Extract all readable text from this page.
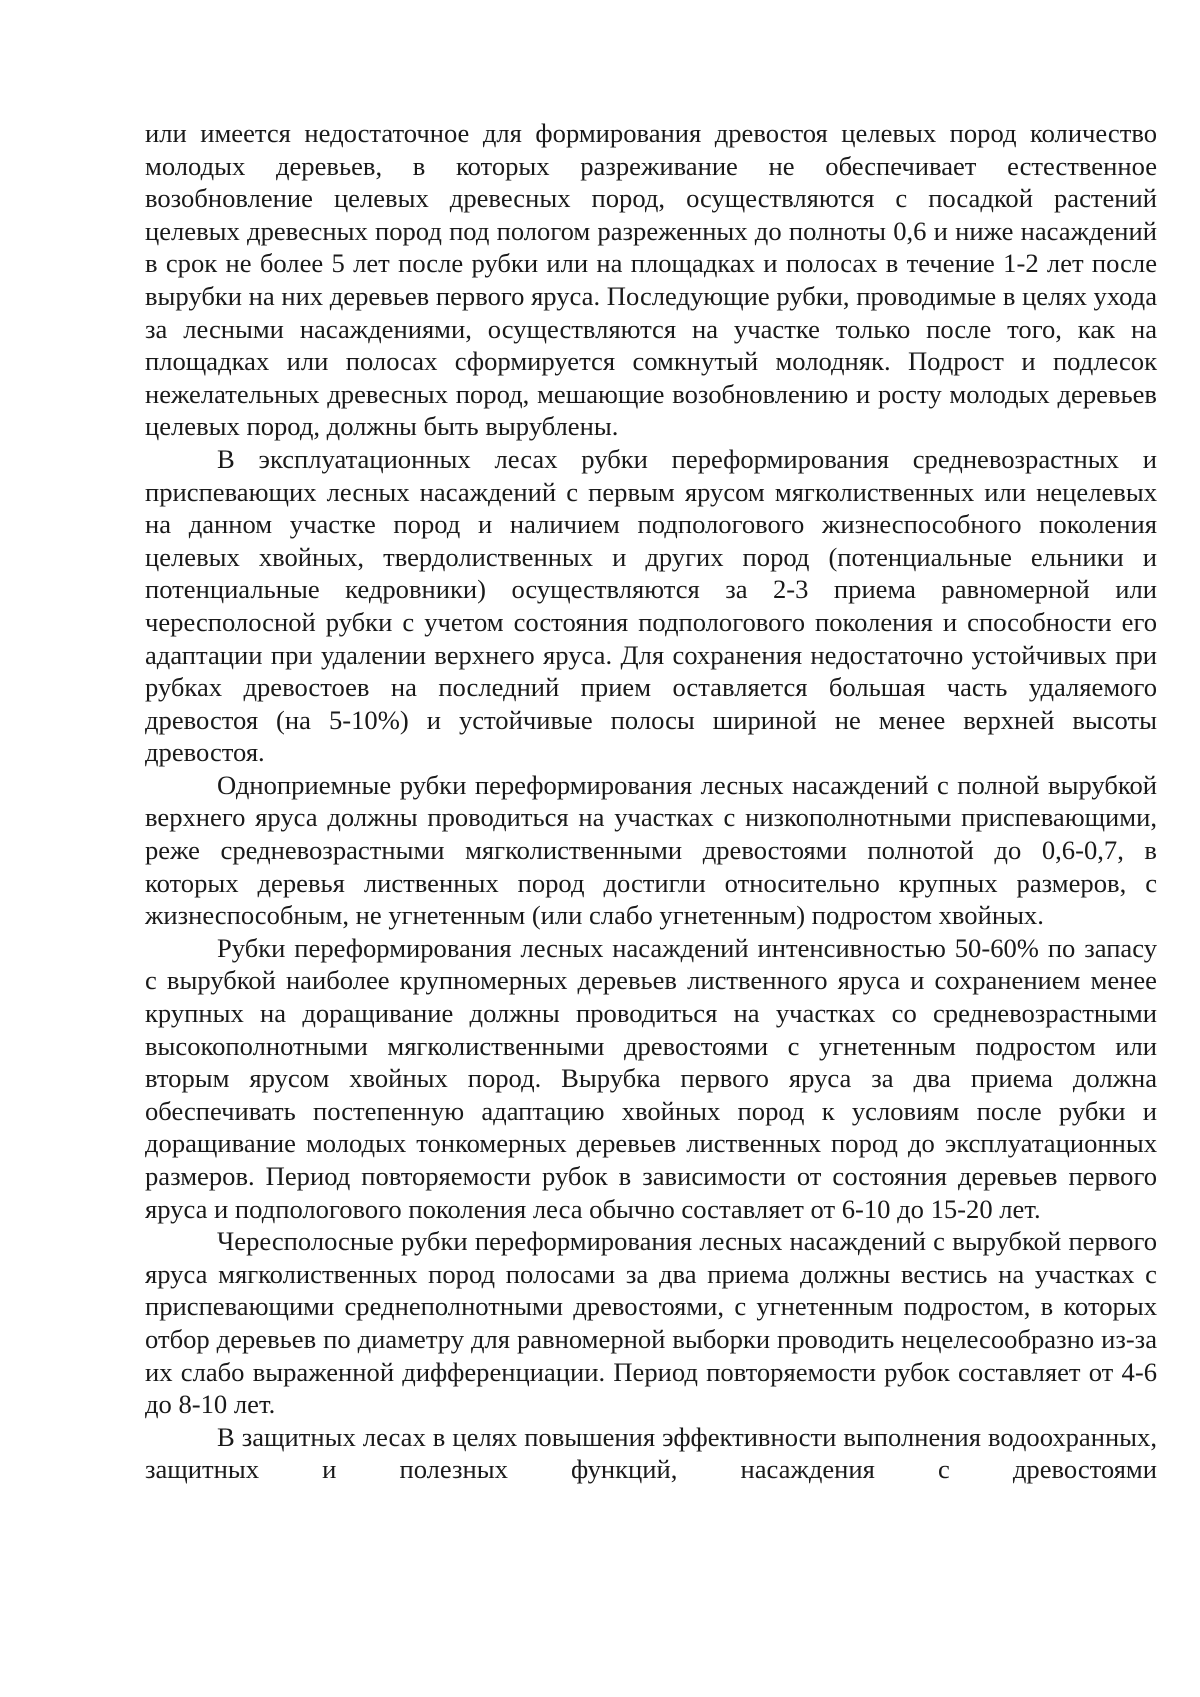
или имеется недостаточное для формирования древостоя целевых пород количество молодых деревьев, в которых разреживание не обеспечивает естественное возобновление целевых древесных пород, осуществляются с посадкой растений целевых древесных пород под пологом разреженных до полноты 0,6 и ниже насаждений в срок не более 5 лет после рубки или на площадках и полосах в течение 1-2 лет после вырубки на них деревьев первого яруса. Последующие рубки, проводимые в целях ухода за лесными насаждениями, осуществляются на участке только после того, как на площадках или полосах сформируется сомкнутый молодняк. Подрост и подлесок нежелательных древесных пород, мешающие возобновлению и росту молодых деревьев целевых пород, должны быть вырублены.

В эксплуатационных лесах рубки переформирования средневозрастных и приспевающих лесных насаждений с первым ярусом мягколиственных или нецелевых на данном участке пород и наличием подпологового жизнеспособного поколения целевых хвойных, твердолиственных и других пород (потенциальные ельники и потенциальные кедровники) осуществляются за 2-3 приема равномерной или чересполосной рубки с учетом состояния подпологового поколения и способности его адаптации при удалении верхнего яруса. Для сохранения недостаточно устойчивых при рубках древостоев на последний прием оставляется большая часть удаляемого древостоя (на 5-10%) и устойчивые полосы шириной не менее верхней высоты древостоя.

Одноприемные рубки переформирования лесных насаждений с полной вырубкой верхнего яруса должны проводиться на участках с низкополнотными приспевающими, реже средневозрастными мягколиственными древостоями полнотой до 0,6-0,7, в которых деревья лиственных пород достигли относительно крупных размеров, с жизнеспособным, не угнетенным (или слабо угнетенным) подростом хвойных.

Рубки переформирования лесных насаждений интенсивностью 50-60% по запасу с вырубкой наиболее крупномерных деревьев лиственного яруса и сохранением менее крупных на доращивание должны проводиться на участках со средневозрастными высокополнотными мягколиственными древостоями с угнетенным подростом или вторым ярусом хвойных пород. Вырубка первого яруса за два приема должна обеспечивать постепенную адаптацию хвойных пород к условиям после рубки и доращивание молодых тонкомерных деревьев лиственных пород до эксплуатационных размеров. Период повторяемости рубок в зависимости от состояния деревьев первого яруса и подпологового поколения леса обычно составляет от 6-10 до 15-20 лет.

Чересполосные рубки переформирования лесных насаждений с вырубкой первого яруса мягколиственных пород полосами за два приема должны вестись на участках с приспевающими среднеполнотными древостоями, с угнетенным подростом, в которых отбор деревьев по диаметру для равномерной выборки проводить нецелесообразно из-за их слабо выраженной дифференциации. Период повторяемости рубок составляет от 4-6 до 8-10 лет.

В защитных лесах в целях повышения эффективности выполнения водоохранных, защитных и полезных функций, насаждения с древостоями
